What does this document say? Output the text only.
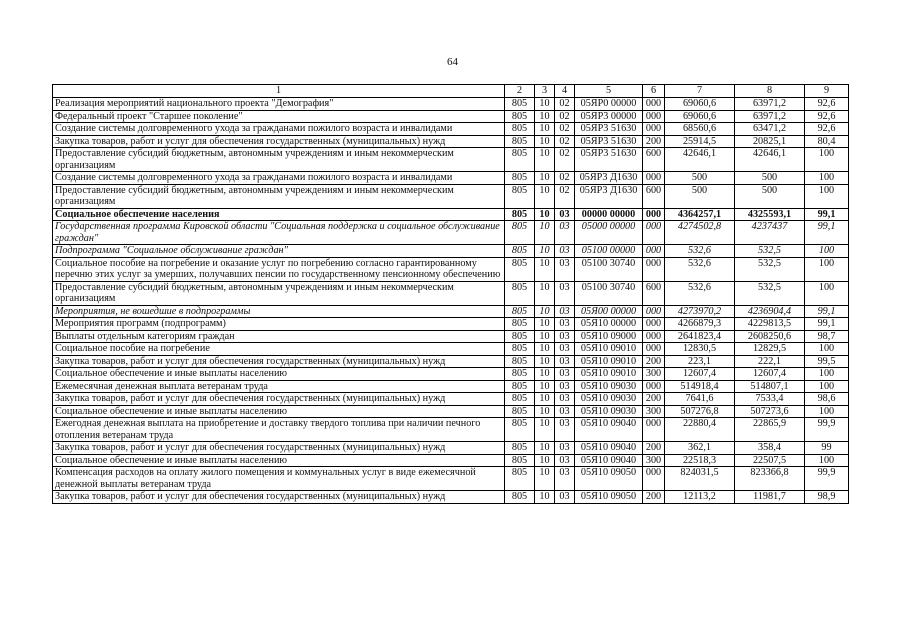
64
1	2	3	4	5	6	7	8	9
Реализация мероприятий национального проекта "Демография"	805	10	02	05ЯР0 00000	000	69060,6	63971,2	92,6
Федеральный проект "Старшее поколение"	805	10	02	05ЯР3 00000	000	69060,6	63971,2	92,6
Создание системы долговременного ухода за гражданами пожилого возраста и инвалидами	805	10	02	05ЯР3 51630	000	68560,6	63471,2	92,6
Закупка товаров, работ и услуг для обеспечения государственных (муниципальных) нужд	805	10	02	05ЯР3 51630	200	25914,5	20825,1	80,4
Предоставление субсидий бюджетным, автономным учреждениям и иным некоммерческим организациям	805	10	02	05ЯР3 51630	600	42646,1	42646,1	100
Создание системы долговременного ухода за гражданами пожилого возраста и инвалидами	805	10	02	05ЯР3 Д1630	000	500	500	100
Предоставление субсидий бюджетным, автономным учреждениям и иным некоммерческим организациям	805	10	02	05ЯР3 Д1630	600	500	500	100
Социальное обеспечение населения	805	10	03	00000 00000	000	4364257,1	4325593,1	99,1
Государственная программа Кировской области "Социальная поддержка и социальное обслуживание граждан"	805	10	03	05000 00000	000	4274502,8	4237437	99,1
Подпрограмма "Социальное обслуживание граждан"	805	10	03	05100 00000	000	532,6	532,5	100
Социальное пособие на погребение и оказание услуг по погребению согласно гарантированному перечню этих услуг за умерших, получавших пенсии по государственному пенсионному обеспечению	805	10	03	05100 30740	000	532,6	532,5	100
Предоставление субсидий бюджетным, автономным учреждениям и иным некоммерческим организациям	805	10	03	05100 30740	600	532,6	532,5	100
Мероприятия, не вошедшие в подпрограммы	805	10	03	05Я00 00000	000	4273970,2	4236904,4	99,1
Мероприятия программ (подпрограмм)	805	10	03	05Я10 00000	000	4266879,3	4229813,5	99,1
Выплаты отдельным категориям граждан	805	10	03	05Я10 09000	000	2641823,4	2608250,6	98,7
Социальное пособие на погребение	805	10	03	05Я10 09010	000	12830,5	12829,5	100
Закупка товаров, работ и услуг для обеспечения государственных (муниципальных) нужд	805	10	03	05Я10 09010	200	223,1	222,1	99,5
Социальное обеспечение и иные выплаты населению	805	10	03	05Я10 09010	300	12607,4	12607,4	100
Ежемесячная денежная выплата ветеранам труда	805	10	03	05Я10 09030	000	514918,4	514807,1	100
Закупка товаров, работ и услуг для обеспечения государственных (муниципальных) нужд	805	10	03	05Я10 09030	200	7641,6	7533,4	98,6
Социальное обеспечение и иные выплаты населению	805	10	03	05Я10 09030	300	507276,8	507273,6	100
Ежегодная денежная выплата на приобретение и доставку твердого топлива при наличии печного отопления ветеранам труда	805	10	03	05Я10 09040	000	22880,4	22865,9	99,9
Закупка товаров, работ и услуг для обеспечения государственных (муниципальных) нужд	805	10	03	05Я10 09040	200	362,1	358,4	99
Социальное обеспечение и иные выплаты населению	805	10	03	05Я10 09040	300	22518,3	22507,5	100
Компенсация расходов на оплату жилого помещения и коммунальных услуг в виде ежемесячной денежной выплаты ветеранам труда	805	10	03	05Я10 09050	000	824031,5	823366,8	99,9
Закупка товаров, работ и услуг для обеспечения государственных (муниципальных) нужд	805	10	03	05Я10 09050	200	12113,2	11981,7	98,9
